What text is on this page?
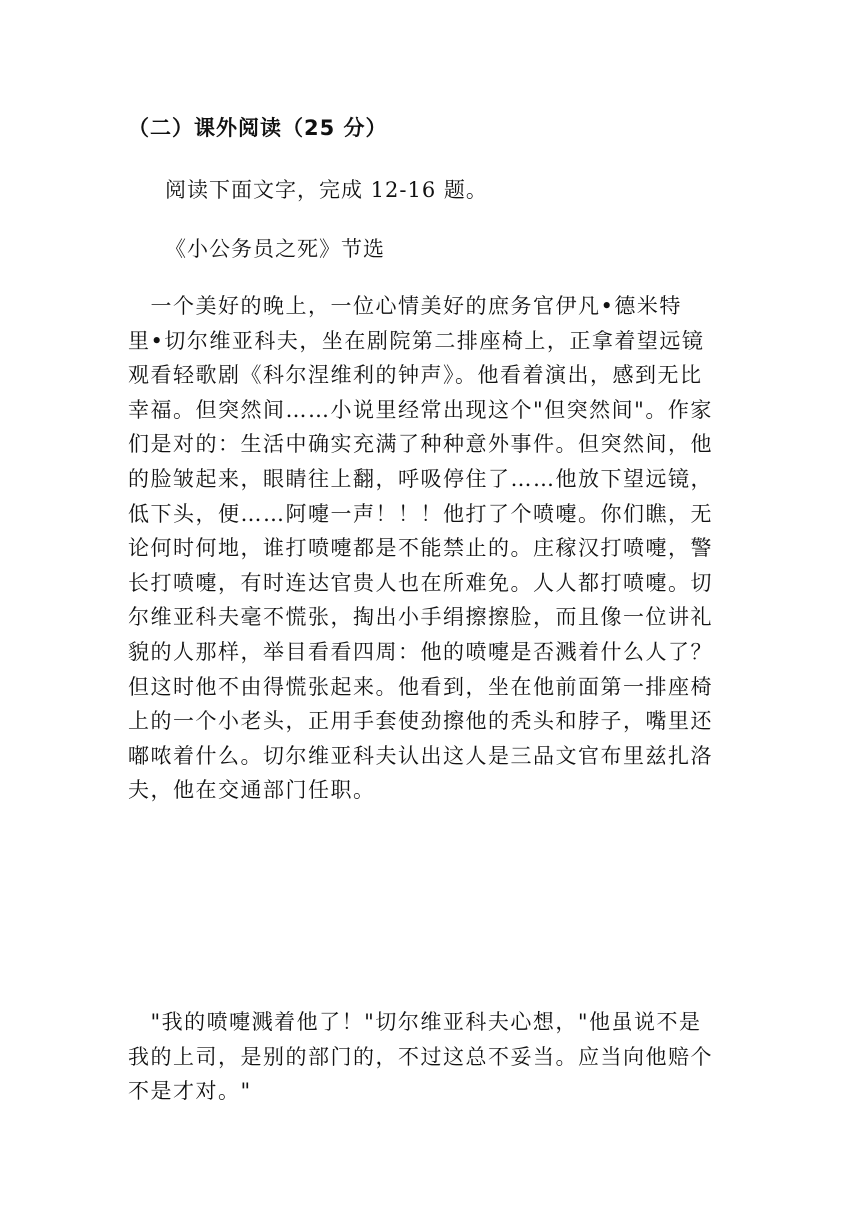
（二）课外阅读（25 分）
阅读下面文字，完成 12-16 题。
《小公务员之死》节选
　一个美好的晚上，一位心情美好的庶务官伊凡•德米特
里•切尔维亚科夫，坐在剧院第二排座椅上，正拿着望远镜
观看轻歌剧《科尔涅维利的钟声》。他看着演出，感到无比
幸福。但突然间……小说里经常出现这个"但突然间"。作家
们是对的：生活中确实充满了种种意外事件。但突然间，他
的脸皱起来，眼睛往上翻，呼吸停住了……他放下望远镜，
低下头，便……阿嚏一声！！！他打了个喷嚏。你们瞧，无
论何时何地，谁打喷嚏都是不能禁止的。庄稼汉打喷嚏，警
长打喷嚏，有时连达官贵人也在所难免。人人都打喷嚏。切
尔维亚科夫毫不慌张，掏出小手绢擦擦脸，而且像一位讲礼
貌的人那样，举目看看四周：他的喷嚏是否溅着什么人了？
但这时他不由得慌张起来。他看到，坐在他前面第一排座椅
上的一个小老头，正用手套使劲擦他的秃头和脖子，嘴里还
嘟哝着什么。切尔维亚科夫认出这人是三品文官布里兹扎洛
夫，他在交通部门任职。
　"我的喷嚏溅着他了！"切尔维亚科夫心想，"他虽说不是
我的上司，是别的部门的，不过这总不妥当。应当向他赔个
不是才对。"
